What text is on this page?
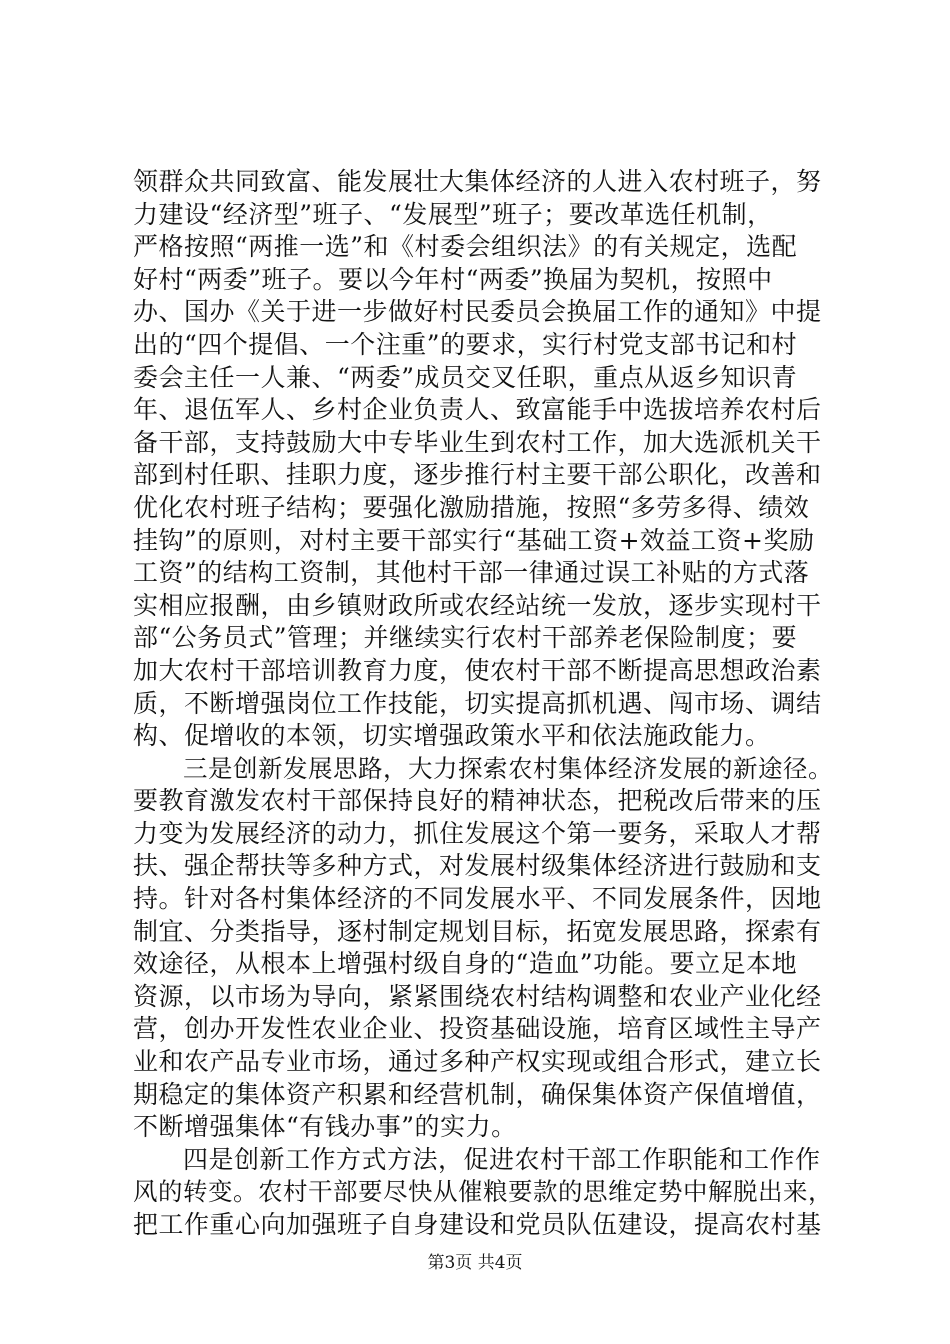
领群众共同致富、能发展壮大集体经济的人进入农村班子，努
力建设“经济型”班子、“发展型”班子；要改革选任机制，
严格按照“两推一选”和《村委会组织法》的有关规定，选配
好村“两委”班子。要以今年村“两委”换届为契机，按照中
办、国办《关于进一步做好村民委员会换届工作的通知》中提
出的“四个提倡、一个注重”的要求，实行村党支部书记和村
委会主任一人兼、“两委”成员交叉任职，重点从返乡知识青
年、退伍军人、乡村企业负责人、致富能手中选拔培养农村后
备干部，支持鼓励大中专毕业生到农村工作，加大选派机关干
部到村任职、挂职力度，逐步推行村主要干部公职化，改善和
优化农村班子结构；要强化激励措施，按照“多劳多得、绩效
挂钩”的原则，对村主要干部实行“基础工资+效益工资+奖励
工资”的结构工资制，其他村干部一律通过误工补贴的方式落
实相应报酬，由乡镇财政所或农经站统一发放，逐步实现村干
部“公务员式”管理；并继续实行农村干部养老保险制度；要
加大农村干部培训教育力度，使农村干部不断提高思想政治素
质，不断增强岗位工作技能，切实提高抓机遇、闯市场、调结
构、促增收的本领，切实增强政策水平和依法施政能力。
三是创新发展思路，大力探索农村集体经济发展的新途径。
要教育激发农村干部保持良好的精神状态，把税改后带来的压
力变为发展经济的动力，抓住发展这个第一要务，采取人才帮
扶、强企帮扶等多种方式，对发展村级集体经济进行鼓励和支
持。针对各村集体经济的不同发展水平、不同发展条件，因地
制宜、分类指导，逐村制定规划目标，拓宽发展思路，探索有
效途径，从根本上增强村级自身的“造血”功能。要立足本地
资源，以市场为导向，紧紧围绕农村结构调整和农业产业化经
营，创办开发性农业企业、投资基础设施，培育区域性主导产
业和农产品专业市场，通过多种产权实现或组合形式，建立长
期稳定的集体资产积累和经营机制，确保集体资产保值增值，
不断增强集体“有钱办事”的实力。
四是创新工作方式方法，促进农村干部工作职能和工作作
风的转变。农村干部要尽快从催粮要款的思维定势中解脱出来，
把工作重心向加强班子自身建设和党员队伍建设，提高农村基
第3页 共4页
